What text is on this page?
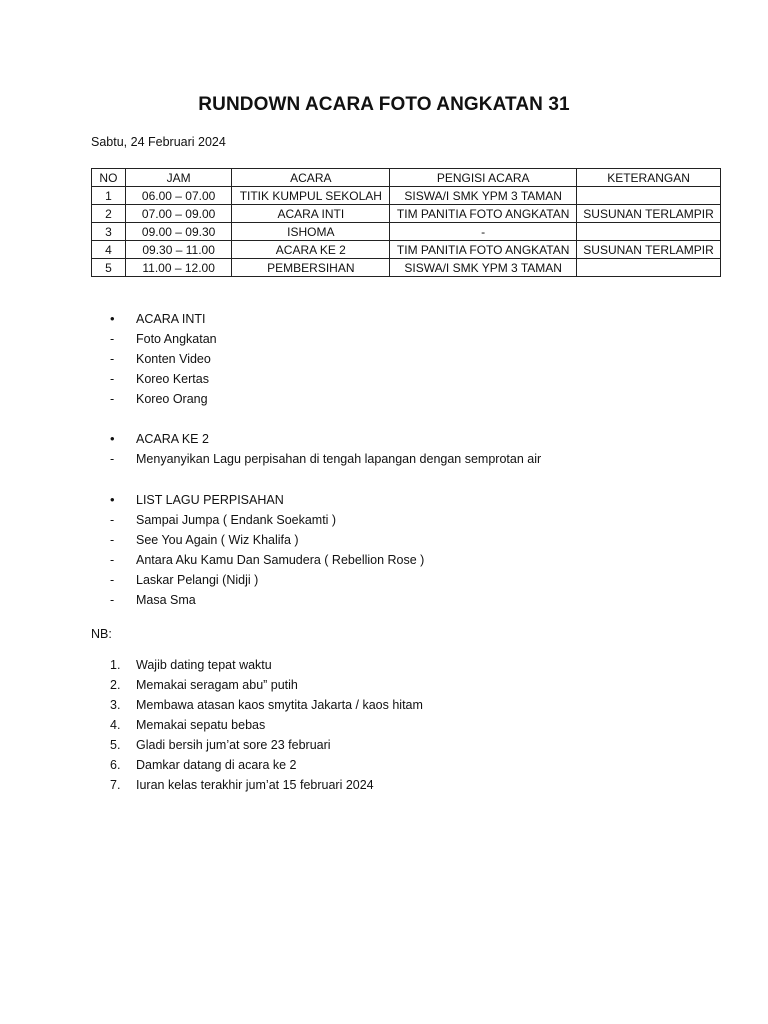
RUNDOWN ACARA FOTO ANGKATAN 31
Sabtu, 24 Februari 2024
NO	JAM	ACARA	PENGISI ACARA	KETERANGAN
1	06.00 – 07.00	TITIK KUMPUL SEKOLAH	SISWA/I SMK YPM 3 TAMAN	
2	07.00 – 09.00	ACARA INTI	TIM PANITIA FOTO ANGKATAN	SUSUNAN TERLAMPIR
3	09.00 – 09.30	ISHOMA	-	
4	09.30 – 11.00	ACARA KE 2	TIM PANITIA FOTO ANGKATAN	SUSUNAN TERLAMPIR
5	11.00 – 12.00	PEMBERSIHAN	SISWA/I SMK YPM 3 TAMAN	
•	ACARA INTI
-	Foto Angkatan
-	Konten Video
-	Koreo Kertas
-	Koreo Orang
•	ACARA KE 2
-	Menyanyikan Lagu perpisahan di tengah lapangan dengan semprotan air
•	LIST LAGU PERPISAHAN
-	Sampai Jumpa ( Endank Soekamti )
-	See You Again ( Wiz Khalifa )
-	Antara Aku Kamu Dan Samudera ( Rebellion Rose )
-	Laskar Pelangi (Nidji )
-	Masa Sma
NB:
1.	Wajib dating tepat waktu
2.	Memakai seragam abu” putih
3.	Membawa atasan kaos smytita Jakarta / kaos hitam
4.	Memakai sepatu bebas
5.	Gladi bersih jum’at sore 23 februari
6.	Damkar datang di acara ke 2
7.	Iuran kelas terakhir jum’at 15 februari 2024
